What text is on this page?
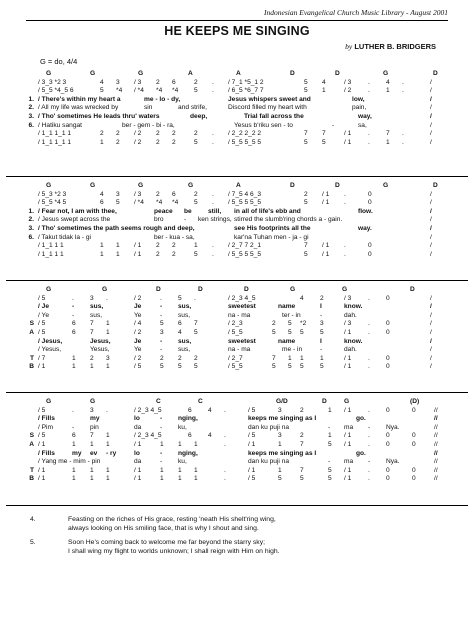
Indonesian Evangelical Church Music Library - August 2001
HE KEEPS ME SINGING
by LUTHER B. BRIDGERS
G = do, 4/4
G	G	G	A	A	D	D	G	D
/ 3_3 *2 3	4 3 / 3 2 6	2 . / 7_1 *5_1 2	5 4	/ 3	. 4 .	/
/ 5_5 *4_5 6	5 *4 / *4 *4 *4 5 . / 6_5 *6_7 7	5 1	/ 2	. 1 .	/
1. / There's within my heart a	me - lo - dy,	Jesus whispers sweet and	low,	/
2. / All my life was wrecked by	sin	and strife,	Discord filled my heart with	pain,	/
3. / Tho' sometimes He leads thru' waters	deep,	Trial fall across the	way,	/
6. / Hatiku sangat	ber - gem - bi - ra,	Yesus b'riku sen - to	-	sa,	/
/ 1_1 1_1 1	2 2 / 2 2 2	2 . / 2_2 2_2 2	7 7	/ 1	. 7 .	/
/ 1_1 1_1 1	1 2 / 2 2 2	5 . / 5_5 5_5 5	5 5	/ 1	. 1 .	/
G	G	G	G	A	D	D	G	D
/ 5_3 *2 3	4 3 / 3 2 6	2 . / 7_5 4 6_3	2 / 1 .	0	/
/ 5_5 *4 5	6 5 / *4 *4 *4 5 . / 5_5 5 5_5	5 / 1 .	0	/
1. / Fear not, I am with thee,	peace be still, in all of life's ebb and	flow.	/
2. / Jesus swept across the	bro	- ken strings, stirred the slumb'ring chords a - gain.	/
3. / Tho' sometimes the path seems rough and deep,	see His footprints all the	way.	/
6. / Takut tidak la - gi	ber - kua - sa,	kar'na Tuhan men - ja - gi	/
/ 1_1 1 1	1 1 / 1 2 2	1 . / 2_7 7 2_1	7 / 1 .	0	/
/ 1_1 1 1	1 1 / 1 2 2	5 . / 5_5 5 5_5	5 / 1 .	0	/
G	G	D	D	D	G	G	D
/ 5	. 3 .	/ 2	. 5 .	/ 2_3 4_5	4 2	/ 3	. 0	/
/ Je	- sus,	Je	- sus,	sweetest	name	I	know.	/
/ Ye	- sus,	Ye	- sus,	na - ma	ter - in	-	dah.	/
S / 5	6 7 1	/ 4	5 6 7	/ 2_3	2 5 *2 3	/ 3	. 0	/
A / 5	6 7 1	/ 2	3 4 5	/ 5_5	5 5 5 5	/ 1	. 0	/
/ Jesus,	Jesus,	Je	- sus,	sweetest	name	I	know.	/
/ Yesus,	Yesus,	Ye	- sus,	na - ma	me - in	-	dah.	/
T / 7	1 2 3	/ 2	2 2 2	/ 2_7	7 1 1 1	/ 1	. 0	/
B / 1	1 1 1	/ 5	5 5 5	/ 5_5	5 5 5 5	/ 1	. 0	/
G	G	C	C	G/D	D	G	(D)
/ 5	. 3 .	/ 2_3 4_5	6 4 .	/ 5	3	2	1 / 1	. 0	0	//
/ Fills	my	lo	- nging,	keeps me singing as I	go.	//
/ Pim	- pin	da	- ku,	dan ku puji na	- ma - Nya.	//
S / 5	6 7 1	/ 2_3 4_5	6 4 .	/ 5	3	2	1 / 1	. 0	0	//
A / 1	1 1 1	/ 1	1 1 1	.	/ 1	1	7	5 / 1	. 0	0	//
/ Fills	my ev - ry	lo	- nging,	keeps me singing as I	go.	//
/ Yang me - mim - pin	da	- ku,	dan ku puji na	- ma - Nya.	//
T / 1	1 1 1	/ 1	1 1 1	.	/ 1	1	7	5 / 1	. 0	0	//
B / 1	1 1 1	/ 1	1 1 1	.	/ 5	5	5	5 / 1	. 0	0	//
4.	Feasting on the riches of His grace, resting 'neath His shelt'ring wing,
always looking on His smiling face, that is why I shout and sing.
5.	Soon He's coming back to welcome me far beyond the starry sky;
I shall wing my flight to worlds unknown; I shall reign with Him on high.
